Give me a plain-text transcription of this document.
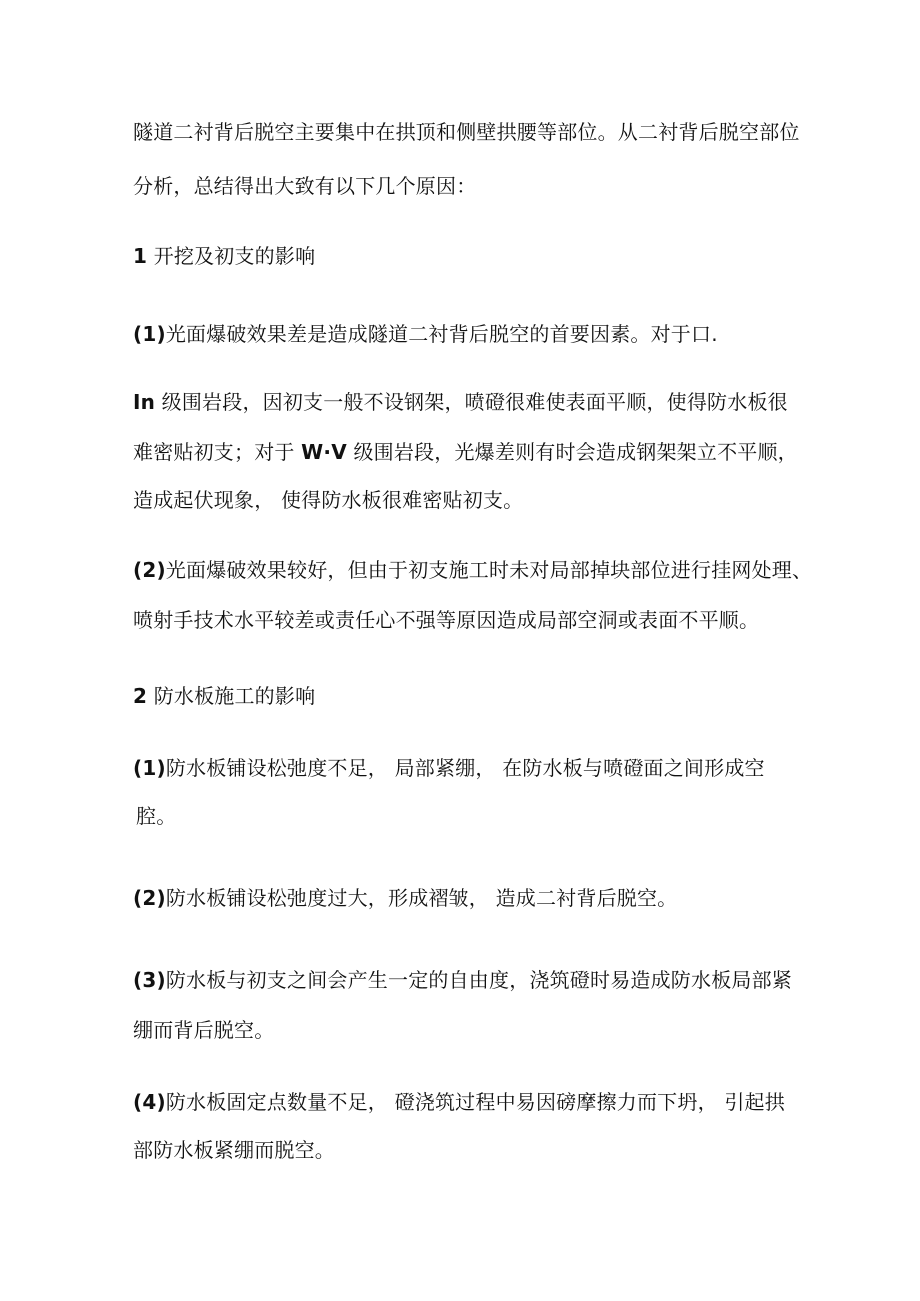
隧道二衬背后脱空主要集中在拱顶和侧壁拱腰等部位。从二衬背后脱空部位
分析，总结得出大致有以下几个原因：
1 开挖及初支的影响
(1)光面爆破效果差是造成隧道二衬背后脱空的首要因素。对于口.
In 级围岩段，因初支一般不设钢架，喷磴很难使表面平顺，使得防水板很
难密贴初支；对于 W·V 级围岩段，光爆差则有时会造成钢架架立不平顺，
造成起伏现象， 使得防水板很难密贴初支。
(2)光面爆破效果较好，但由于初支施工时未对局部掉块部位进行挂网处理、
喷射手技术水平较差或责任心不强等原因造成局部空洞或表面不平顺。
2 防水板施工的影响
(1)防水板铺设松弛度不足， 局部紧绷， 在防水板与喷磴面之间形成空
腔。
(2)防水板铺设松弛度过大，形成褶皱， 造成二衬背后脱空。
(3)防水板与初支之间会产生一定的自由度，浇筑磴时易造成防水板局部紧
绷而背后脱空。
(4)防水板固定点数量不足， 磴浇筑过程中易因磅摩擦力而下坍， 引起拱
部防水板紧绷而脱空。
